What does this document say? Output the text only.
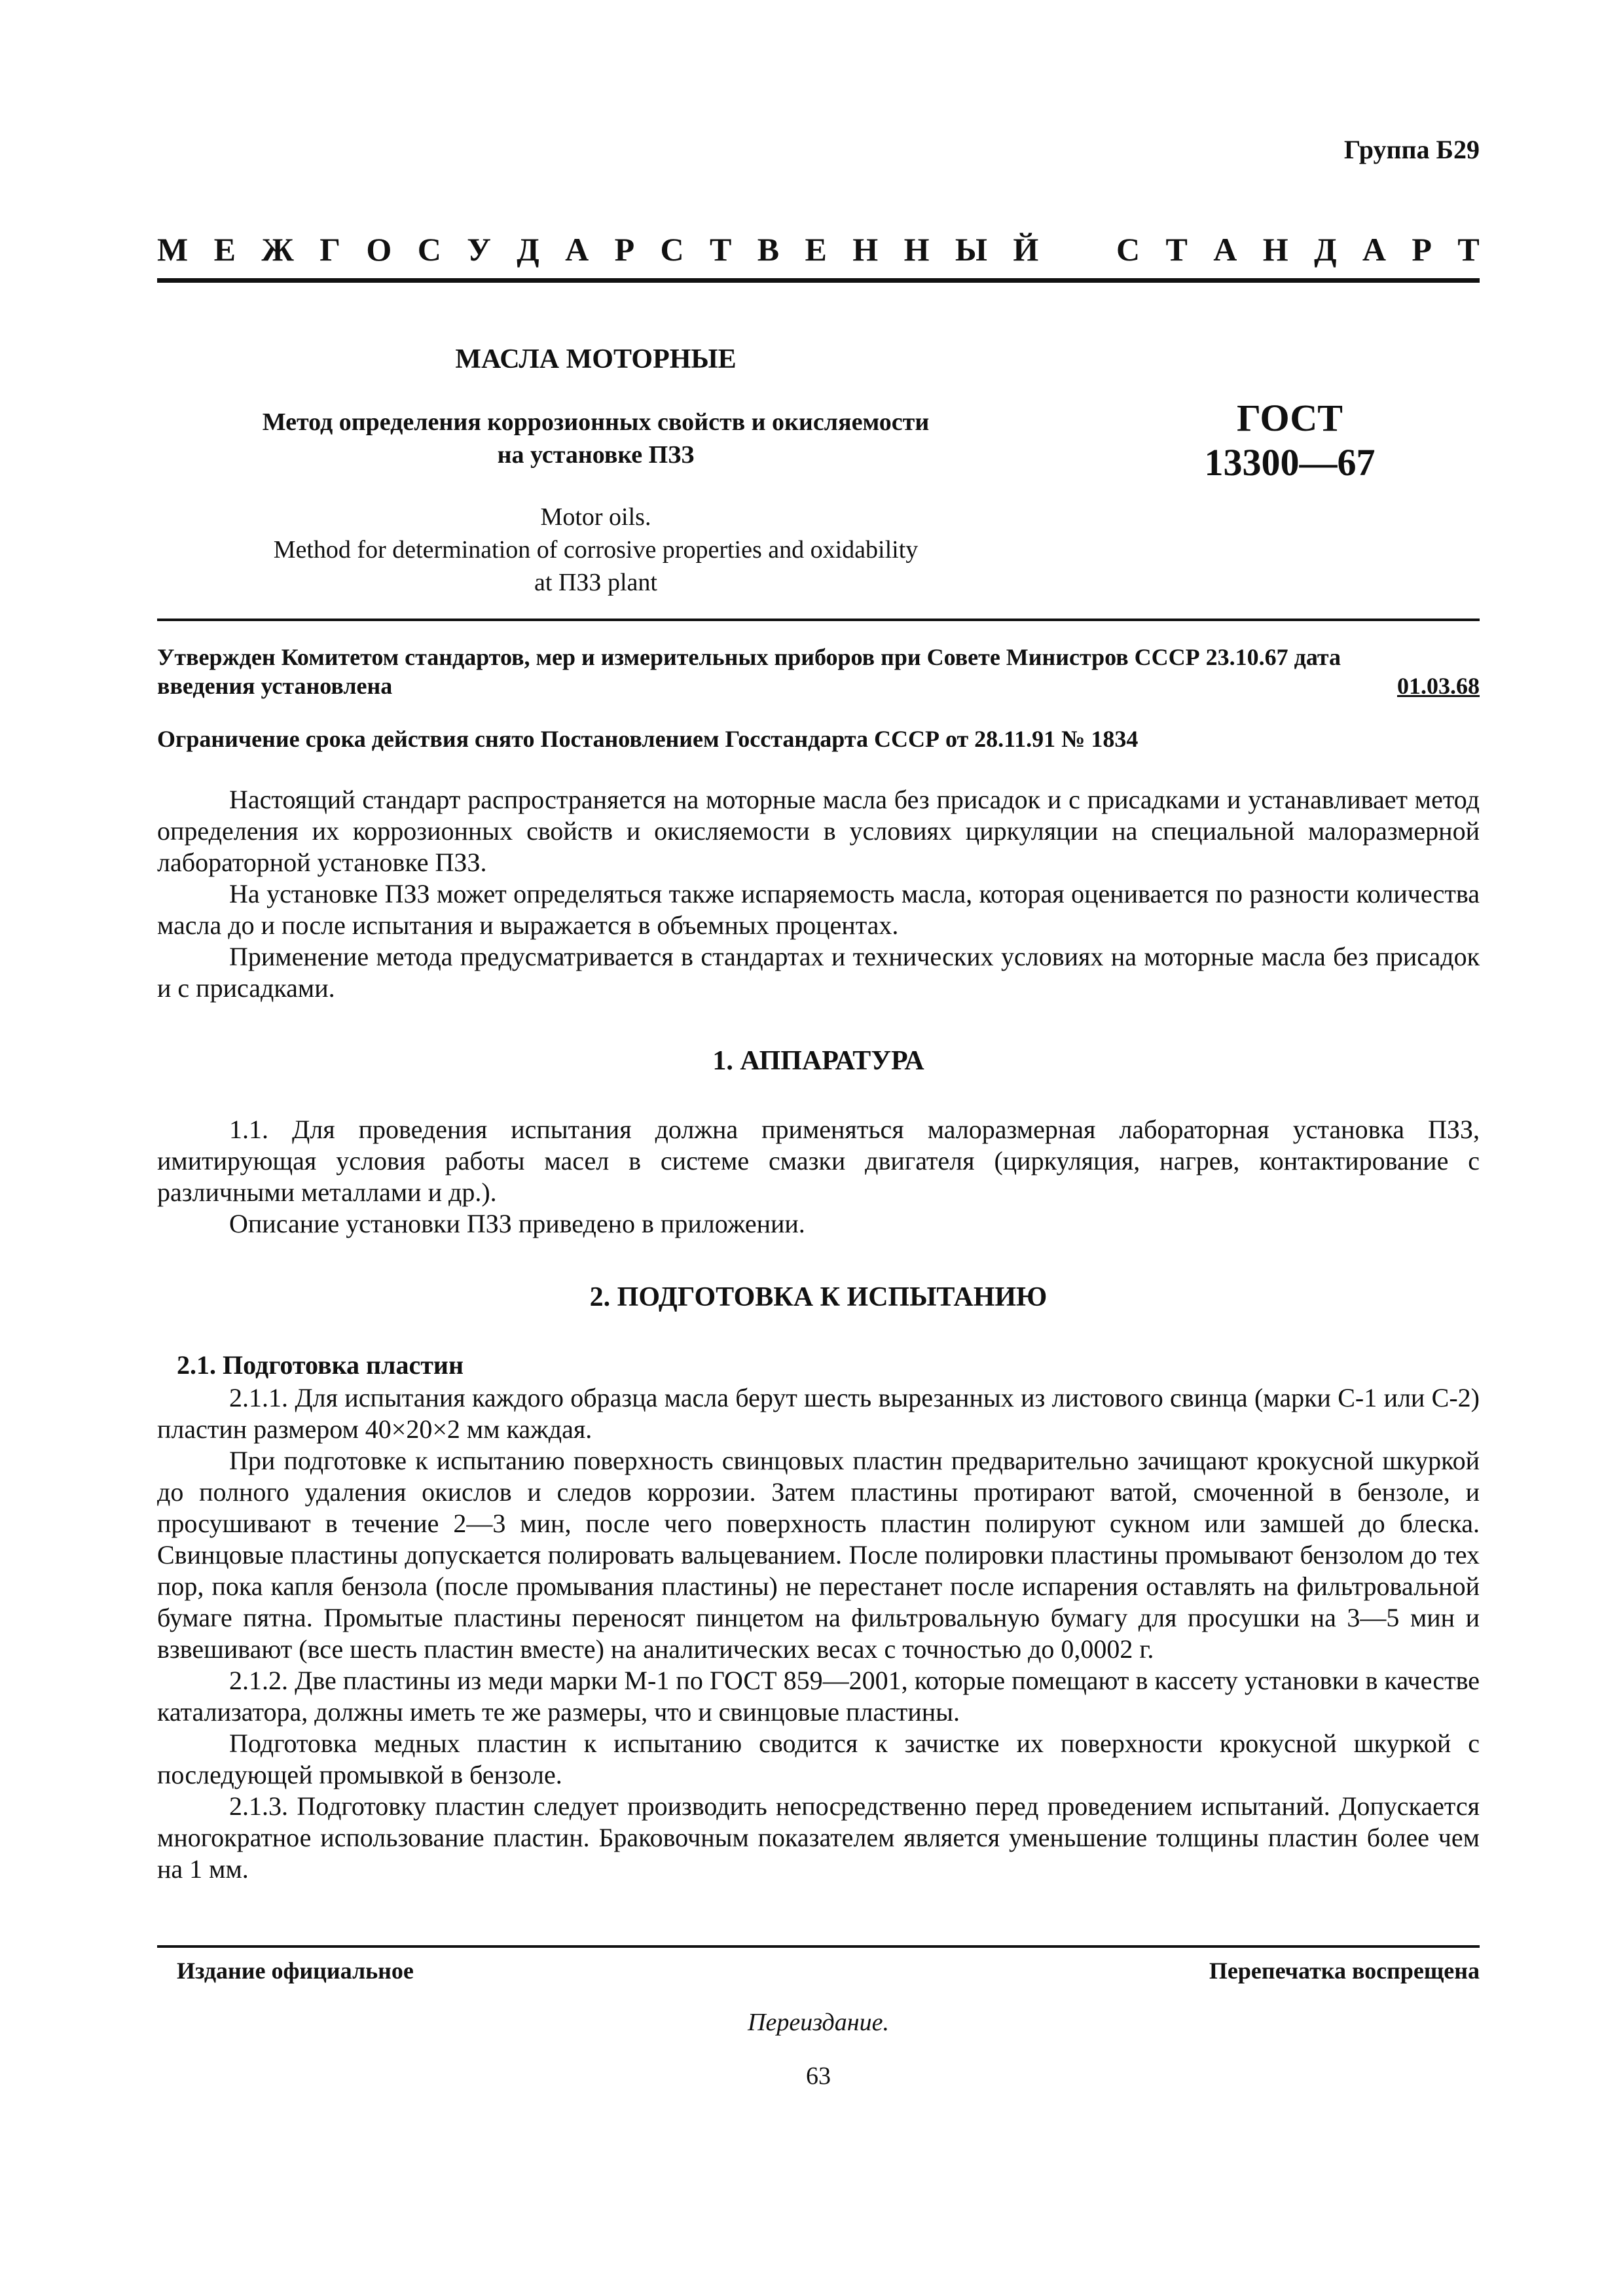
Группа Б29
М Е Ж Г О С У Д А Р С Т В Е Н Н Ы Й С Т А Н Д А Р Т
МАСЛА МОТОРНЫЕ
Метод определения коррозионных свойств и окисляемости
на установке ПЗЗ
ГОСТ
13300—67
Motor oils.
Method for determination of corrosive properties and oxidability
at ПЗЗ plant
Утвержден Комитетом стандартов, мер и измерительных приборов при Совете Министров СССР 23.10.67 дата
введения установлена	01.03.68
Ограничение срока действия снято Постановлением Госстандарта СССР от 28.11.91 № 1834

Настоящий стандарт распространяется на моторные масла без присадок и с присадками и устанавливает метод определения их коррозионных свойств и окисляемости в условиях циркуляции на специальной малоразмерной лабораторной установке ПЗЗ.

На установке ПЗЗ может определяться также испаряемость масла, которая оценивается по разности количества масла до и после испытания и выражается в объемных процентах.

Применение метода предусматривается в стандартах и технических условиях на моторные масла без присадок и с присадками.

1. АППАРАТУРА

1.1. Для проведения испытания должна применяться малоразмерная лабораторная установка ПЗЗ, имитирующая условия работы масел в системе смазки двигателя (циркуляция, нагрев, контактирование с различными металлами и др.).

Описание установки ПЗЗ приведено в приложении.

2. ПОДГОТОВКА К ИСПЫТАНИЮ
2.1. Подготовка пластин

2.1.1. Для испытания каждого образца масла берут шесть вырезанных из листового свинца (марки С-1 или С-2) пластин размером 40×20×2 мм каждая.

При подготовке к испытанию поверхность свинцовых пластин предварительно зачищают крокусной шкуркой до полного удаления окислов и следов коррозии. Затем пластины протирают ватой, смоченной в бензоле, и просушивают в течение 2—3 мин, после чего поверхность пластин полируют сукном или замшей до блеска. Свинцовые пластины допускается полировать вальцеванием. После полировки пластины промывают бензолом до тех пор, пока капля бензола (после промывания пластины) не перестанет после испарения оставлять на фильтровальной бумаге пятна. Промытые пластины переносят пинцетом на фильтровальную бумагу для просушки на 3—5 мин и взвешивают (все шесть пластин вместе) на аналитических весах с точностью до 0,0002 г.

2.1.2. Две пластины из меди марки М-1 по ГОСТ 859—2001, которые помещают в кассету установки в качестве катализатора, должны иметь те же размеры, что и свинцовые пластины.

Подготовка медных пластин к испытанию сводится к зачистке их поверхности крокусной шкуркой с последующей промывкой в бензоле.

2.1.3. Подготовку пластин следует производить непосредственно перед проведением испытаний. Допускается многократное использование пластин. Браковочным показателем является уменьшение толщины пластин более чем на 1 мм.

Издание официальное	Перепечатка воспрещена
Переиздание.
63
